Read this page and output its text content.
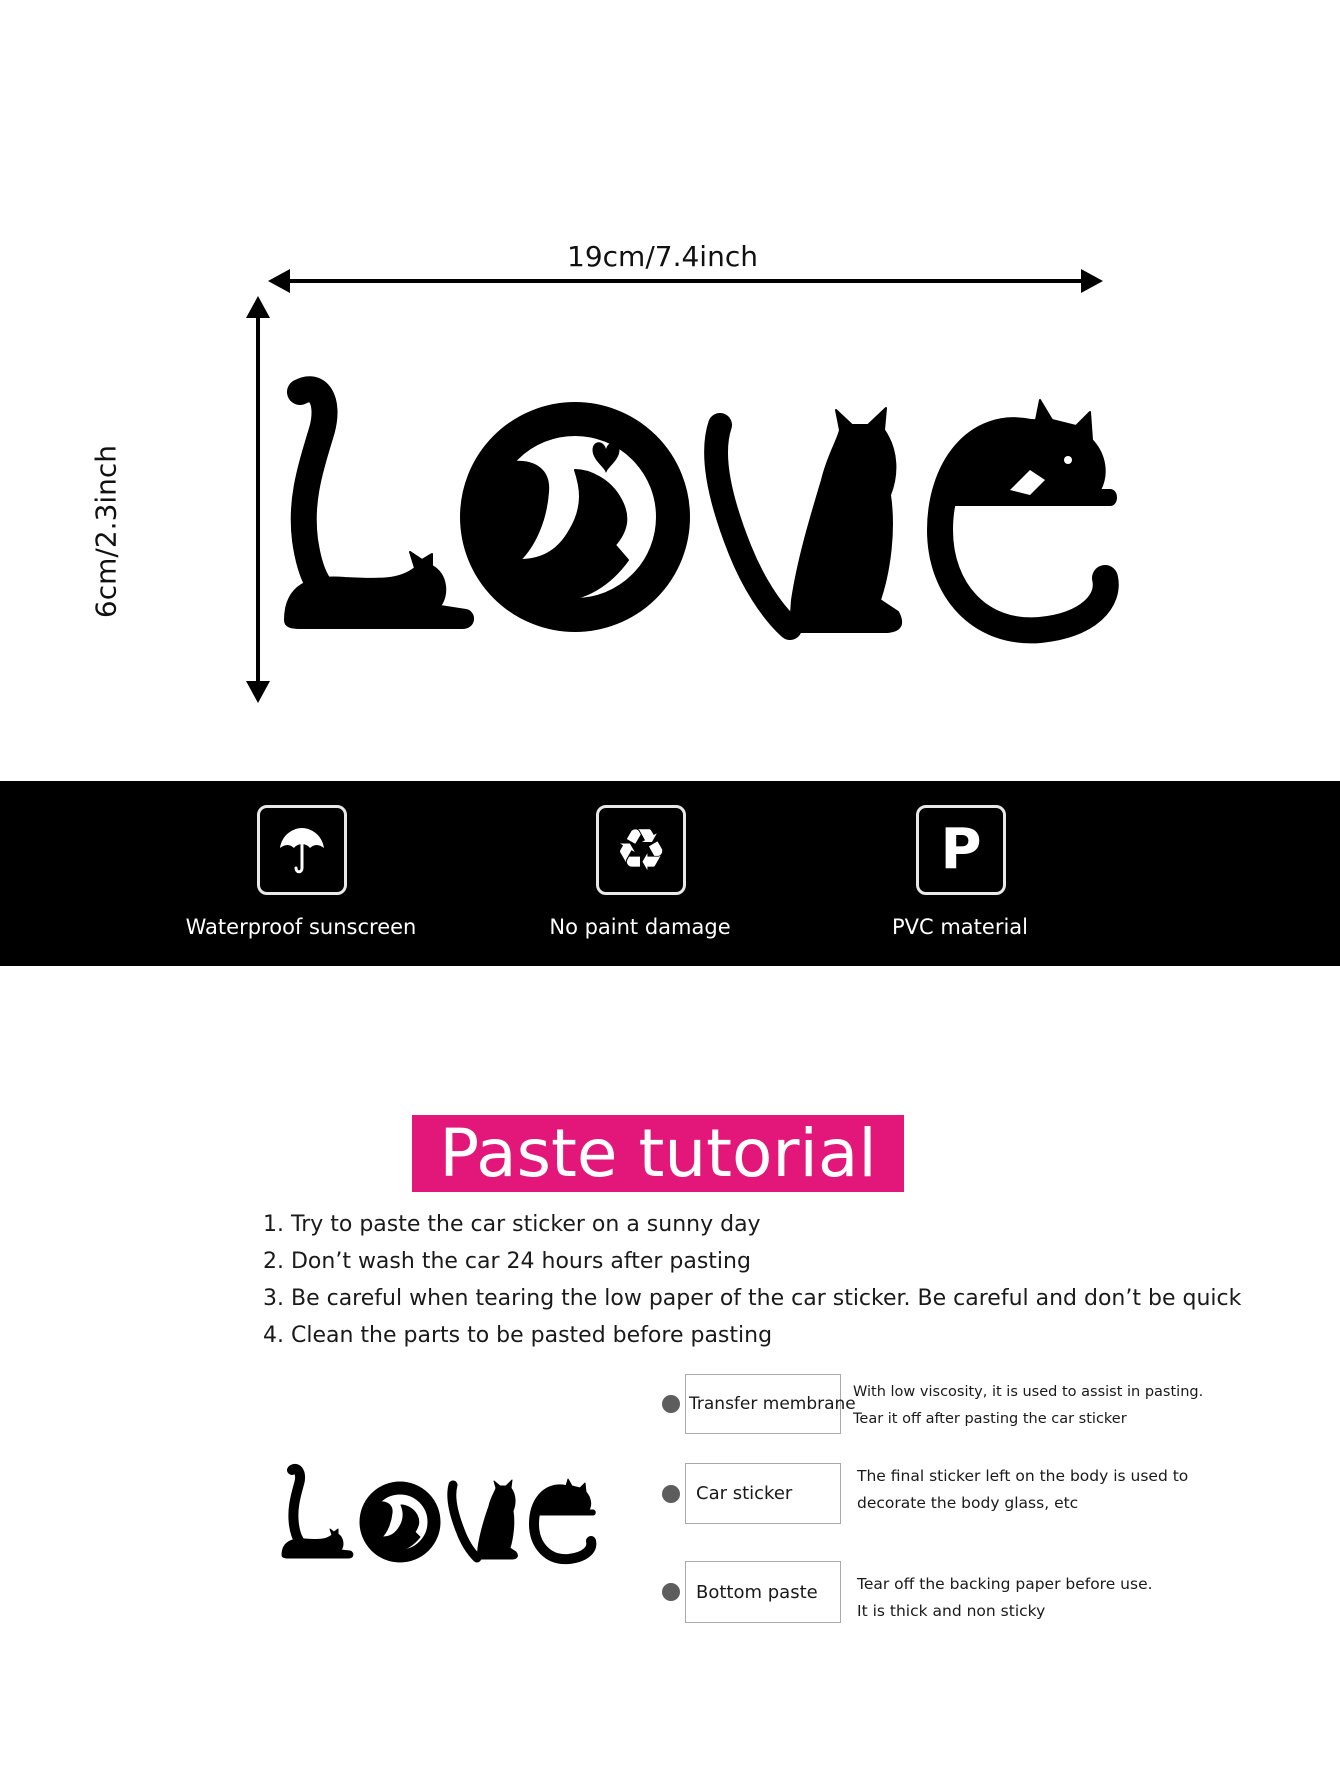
19cm/7.4inch
6cm/2.3inch
Waterproof sunscreen
♻
No paint damage
P
PVC material
Paste tutorial
1. Try to paste the car sticker on a sunny day
2. Don’t wash the car 24 hours after pasting
3. Be careful when tearing the low paper of the car sticker. Be careful and don’t be quick
4. Clean the parts to be pasted before pasting
Transfer membrane
With low viscosity, it is used to assist in pasting.
Tear it off after pasting the car sticker
Car sticker
The final sticker left on the body is used to
decorate the body glass, etc
Bottom paste	Tear off the backing paper before use.
It is thick and non sticky
